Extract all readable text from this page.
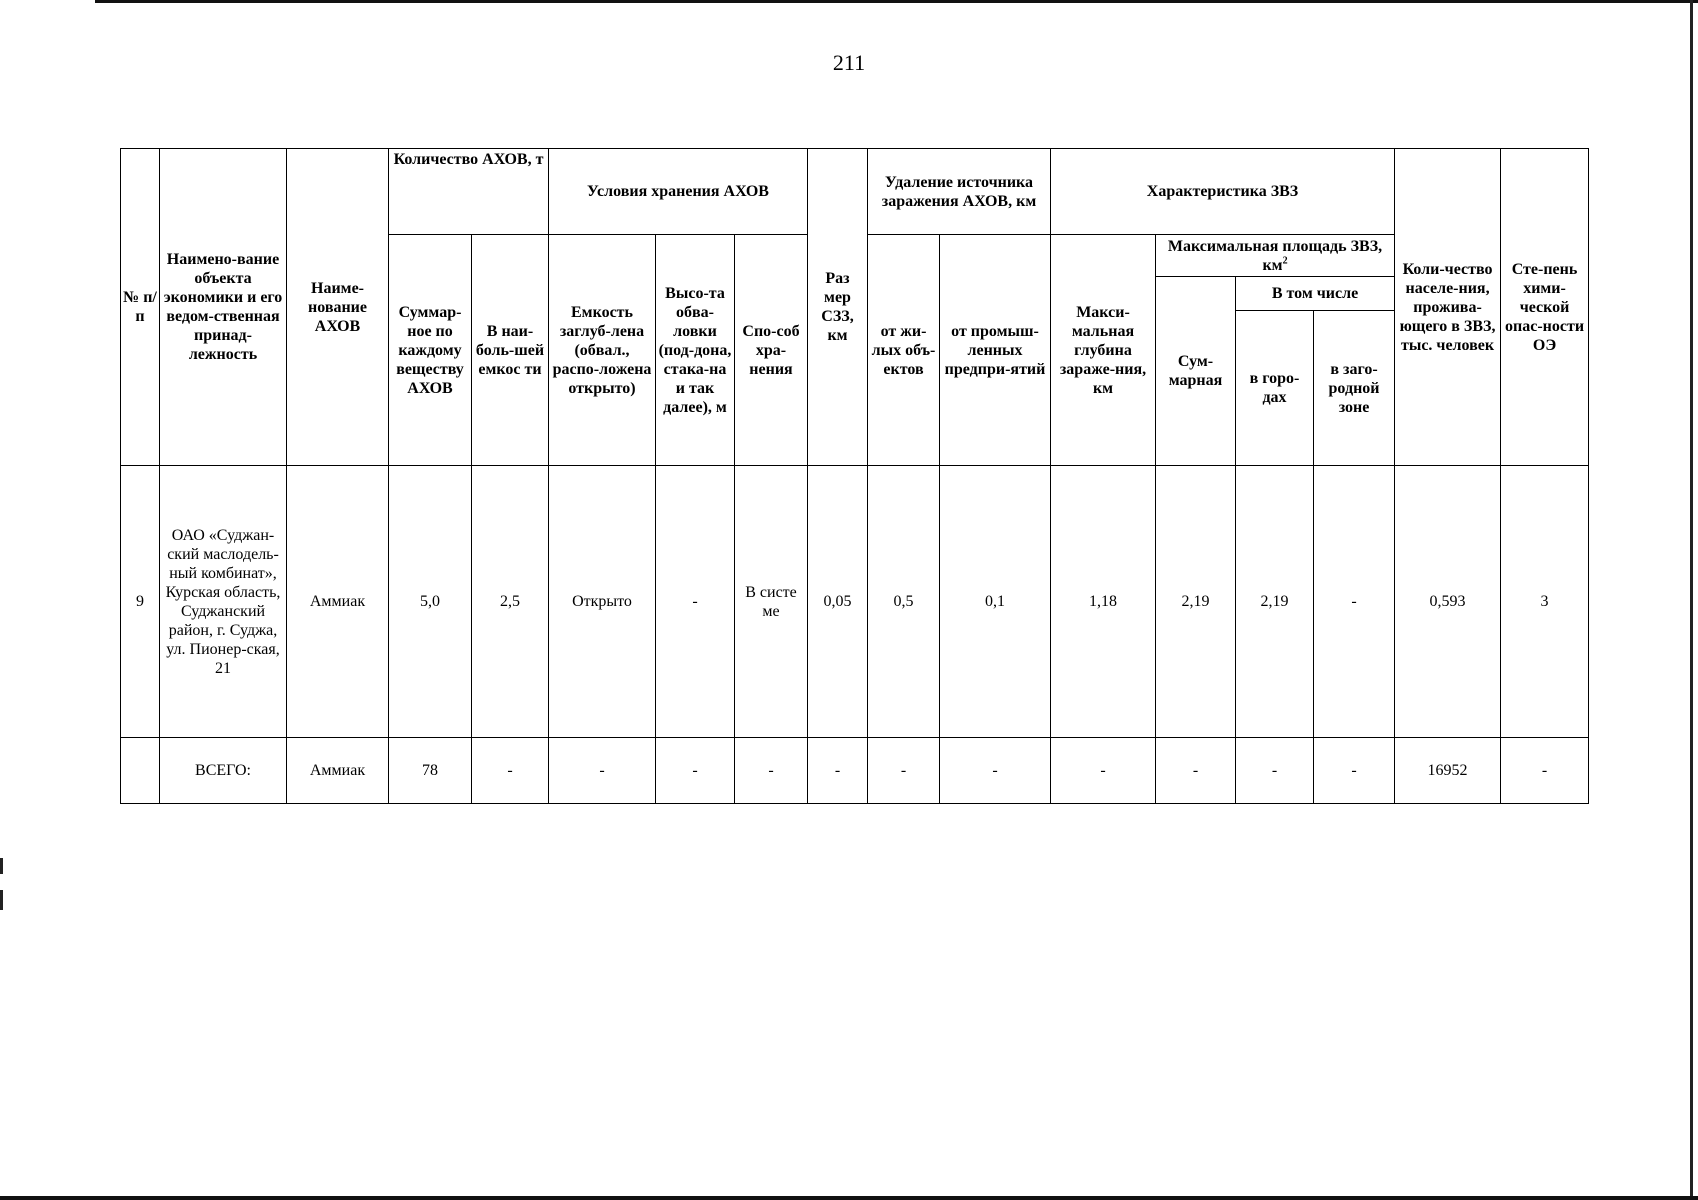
211
№ п/п	Наимено-вание объекта экономики и его ведом-ственная принад-лежность	Наиме-нование АХОВ	Количество АХОВ, т		Условия хранения АХОВ			Раз мер СЗЗ, км	Удаление источника заражения АХОВ, км		Характеристика ЗВЗ				Коли-чество населе-ния, прожива-ющего в ЗВЗ, тыс. человек	Сте-пень хими-ческой опас-ности ОЭ
			Суммар-ное по каждому веществу АХОВ	В наи-боль-шей емкос ти	Емкость заглуб-лена (обвал., распо-ложена открыто)	Высо-та обва-ловки (под-дона, стака-на и так далее), м	Спо-соб хра-нения		от жи-лых объ-ектов	от промыш-ленных предпри-ятий	Макси-мальная глубина зараже-ния, км	Максимальная площадь ЗВЗ, $км^2$
												Сум-марная	В том числе			
													в горо-дах	в заго-родной зоне		
9	ОАО «Суджан-ский маслодель-ный комбинат», Курская область, Суджанский район, г. Суджа, ул. Пионер-ская, 21	Аммиак	5,0	2,5	Открыто	-	В систе ме	0,05	0,5	0,1	1,18	2,19	2,19	-	0,593	3
	ВСЕГО:	Аммиак	78	-	-	-	-	-	-	-	-	-	-	-	16952	-
